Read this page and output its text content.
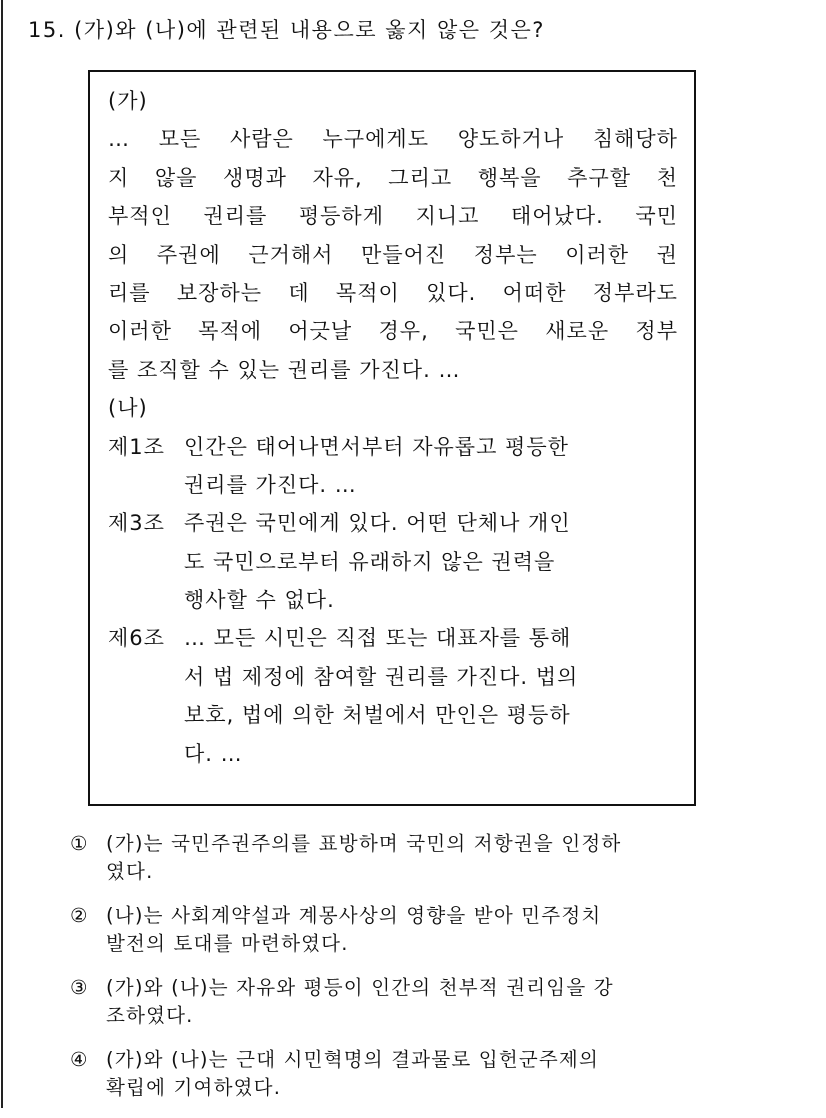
15. (가)와 (나)에 관련된 내용으로 옳지 않은 것은?
(가)
… 모든 사람은 누구에게도 양도하거나 침해당하
지 않을 생명과 자유, 그리고 행복을 추구할 천
부적인 권리를 평등하게 지니고 태어났다. 국민
의 주권에 근거해서 만들어진 정부는 이러한 권
리를 보장하는 데 목적이 있다. 어떠한 정부라도
이러한 목적에 어긋날 경우, 국민은 새로운 정부
를 조직할 수 있는 권리를 가진다. …
(나)
제1조 인간은 태어나면서부터 자유롭고 평등한
권리를 가진다. …
제3조 주권은 국민에게 있다. 어떤 단체나 개인
도 국민으로부터 유래하지 않은 권력을
행사할 수 없다.
제6조 … 모든 시민은 직접 또는 대표자를 통해
서 법 제정에 참여할 권리를 가진다. 법의
보호, 법에 의한 처벌에서 만인은 평등하
다. …
① (가)는 국민주권주의를 표방하며 국민의 저항권을 인정하
였다.
② (나)는 사회계약설과 계몽사상의 영향을 받아 민주정치
발전의 토대를 마련하였다.
③ (가)와 (나)는 자유와 평등이 인간의 천부적 권리임을 강
조하였다.
④ (가)와 (나)는 근대 시민혁명의 결과물로 입헌군주제의
확립에 기여하였다.
